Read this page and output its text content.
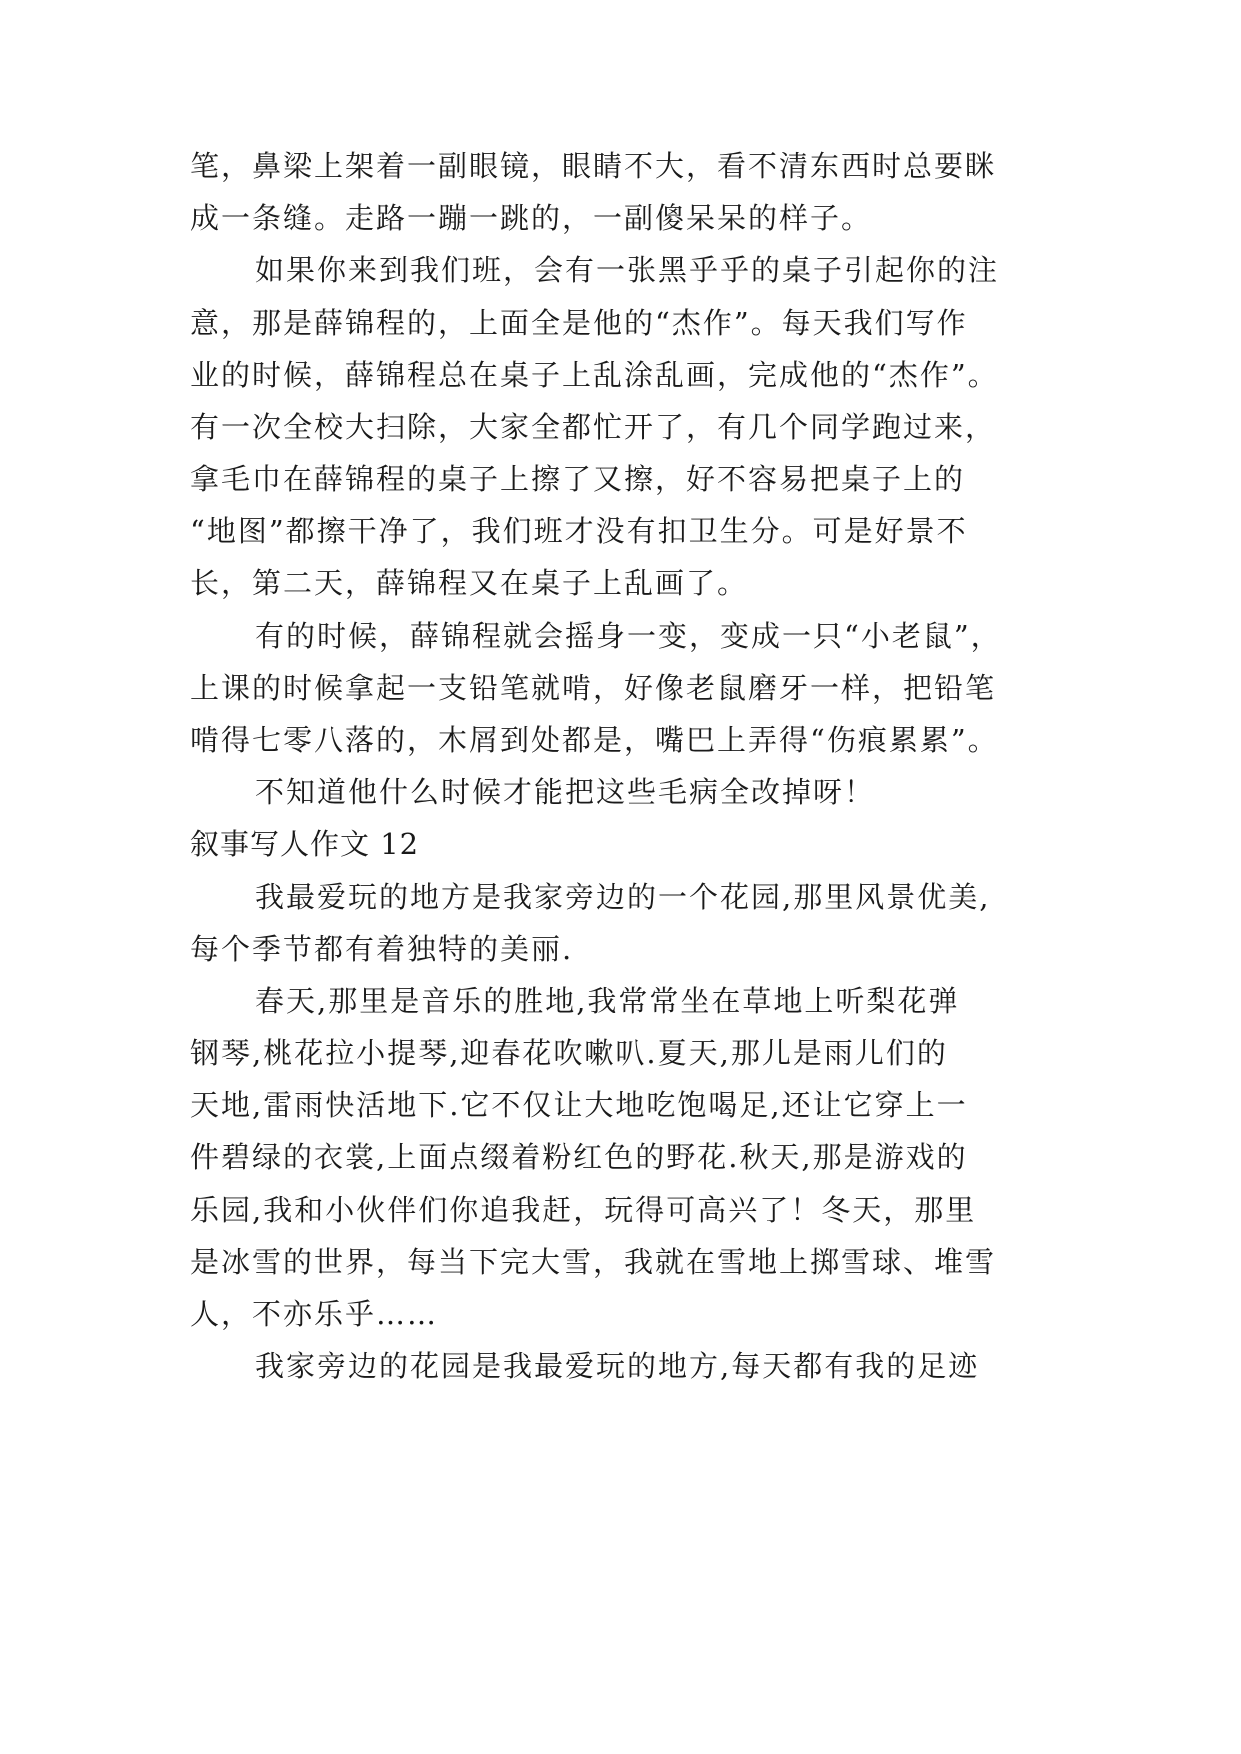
笔，鼻梁上架着一副眼镜，眼睛不大，看不清东西时总要眯
成一条缝。走路一蹦一跳的，一副傻呆呆的样子。
如果你来到我们班，会有一张黑乎乎的桌子引起你的注
意，那是薛锦程的，上面全是他的“杰作”。每天我们写作
业的时候，薛锦程总在桌子上乱涂乱画，完成他的“杰作”。
有一次全校大扫除，大家全都忙开了，有几个同学跑过来，
拿毛巾在薛锦程的桌子上擦了又擦，好不容易把桌子上的
“地图”都擦干净了，我们班才没有扣卫生分。可是好景不
长，第二天，薛锦程又在桌子上乱画了。
有的时候，薛锦程就会摇身一变，变成一只“小老鼠”，
上课的时候拿起一支铅笔就啃，好像老鼠磨牙一样，把铅笔
啃得七零八落的，木屑到处都是，嘴巴上弄得“伤痕累累”。
不知道他什么时候才能把这些毛病全改掉呀！
叙事写人作文 12
我最爱玩的地方是我家旁边的一个花园,那里风景优美,
每个季节都有着独特的美丽.
春天,那里是音乐的胜地,我常常坐在草地上听梨花弹
钢琴,桃花拉小提琴,迎春花吹嗽叭.夏天,那儿是雨儿们的
天地,雷雨快活地下.它不仅让大地吃饱喝足,还让它穿上一
件碧绿的衣裳,上面点缀着粉红色的野花.秋天,那是游戏的
乐园,我和小伙伴们你追我赶，玩得可高兴了！冬天，那里
是冰雪的世界，每当下完大雪，我就在雪地上掷雪球、堆雪
人，不亦乐乎……
我家旁边的花园是我最爱玩的地方,每天都有我的足迹
